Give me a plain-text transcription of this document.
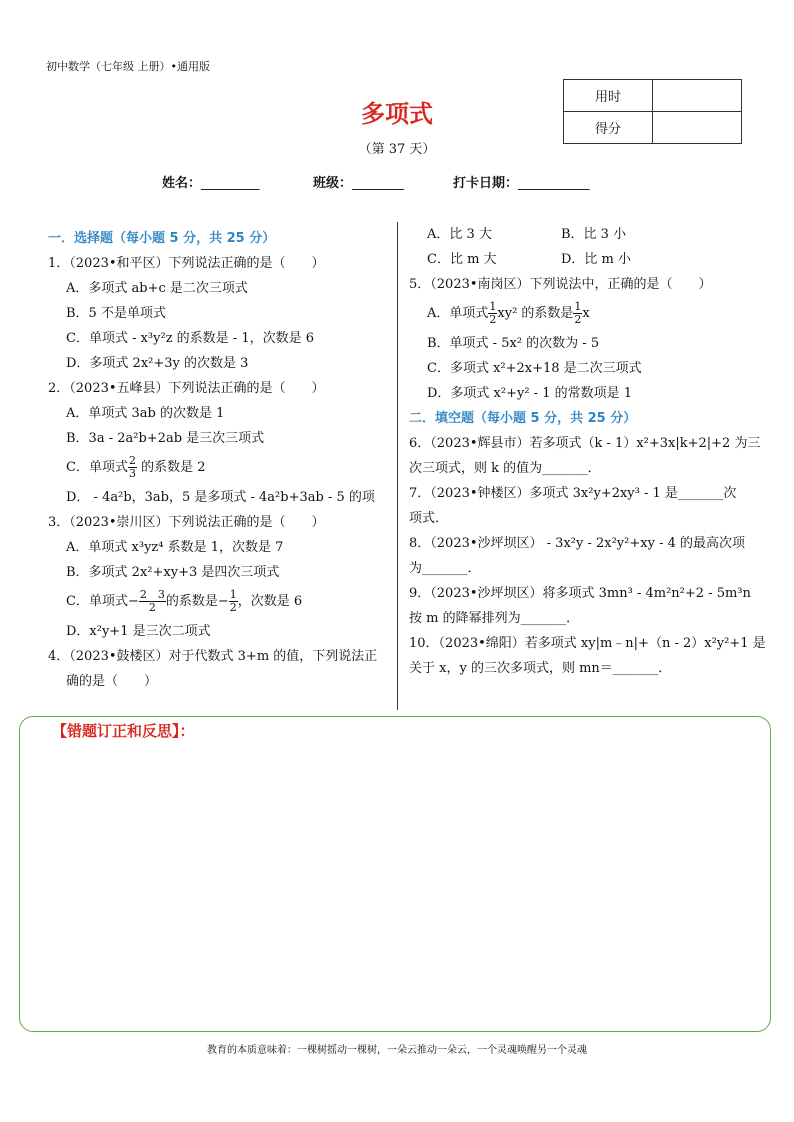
初中数学（七年级 上册）•通用版
多项式
（第 37 天）
用时	
得分	
姓名：_________	班级：________	打卡日期：___________
一．选择题（每小题 5 分，共 25 分）
1．（2023•和平区）下列说法正确的是（　　）
A．多项式 ab+c 是二次三项式
B．5 不是单项式
C．单项式 - x³y²z 的系数是 - 1，次数是 6
D．多项式 2x²+3y 的次数是 3
2．（2023•五峰县）下列说法正确的是（　　）
A．单项式 3ab 的次数是 1
B．3a - 2a²b+2ab 是三次三项式
C．单项式 $\frac{2}{3}$ 的系数是 2
D． - 4a²b，3ab，5 是多项式 - 4a²b+3ab - 5 的项
3．（2023•崇川区）下列说法正确的是（　　）
A．单项式 x³yz⁴ 系数是 1，次数是 7
B．多项式 2x²+xy+3 是四次三项式
C．单项式− $\frac{2 3}{2}$ 的系数是− $\frac{1}{2}$ ，次数是 6
D．x²y+1 是三次二项式
4．（2023•鼓楼区）对于代数式 3+m 的值，下列说法正
确的是（　　）
A．比 3 大	B．比 3 小
C．比 m 大	D．比 m 小
5．（2023•南岗区）下列说法中，正确的是（　　）
A．单项式 $\frac{1}{2} xy^2$ 的系数是 $\frac{1}{2}$ x
B．单项式 - 5x² 的次数为 - 5
C．多项式 x²+2x+18 是二次三项式
D．多项式 x²+y² - 1 的常数项是 1
二．填空题（每小题 5 分，共 25 分）
6．（2023•辉县市）若多项式（k - 1）x²+3x|k+2|+2 为三
次三项式，则 k 的值为_______．
7．（2023•钟楼区）多项式 3x²y+2xy³ - 1 是_______次
项式．
8．（2023•沙坪坝区） - 3x²y - 2x²y²+xy - 4 的最高次项
为_______．
9．（2023•沙坪坝区）将多项式 3mn³ - 4m²n²+2 - 5m³n
按 m 的降幂排列为_______．
10．（2023•绵阳）若多项式 xy|m﹣n|+（n - 2）x²y²+1 是
关于 x，y 的三次多项式，则 mn＝_______．
【错题订正和反思】：
教育的本质意味着：一棵树摇动一棵树，一朵云推动一朵云，一个灵魂唤醒另一个灵魂
